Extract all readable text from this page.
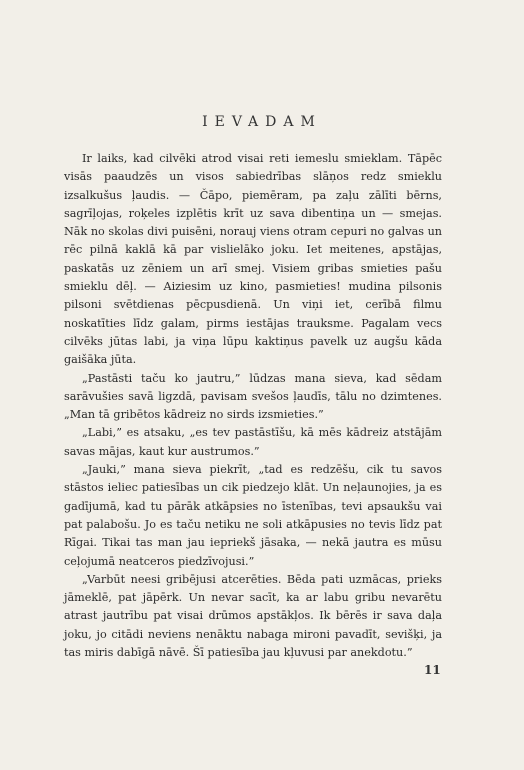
IEVADAM

Ir laiks, kad cilvēki atrod visai reti iemeslu smieklam. Tāpēc visās paaudzēs un visos sabiedrības slāņos redz smieklu izsalkušus ļaudis. — Čāpo, piemēram, pa zaļu zālīti bērns, sagrīļojas, roķeles izplētis krīt uz sava dibentiņa un — smejas. Nāk no skolas divi puisēni, norauj viens otram cepuri no galvas un rēc pilnā kaklā kā par vislielāko joku. Iet meitenes, apstājas, paskatās uz zēniem un arī smej. Visiem gribas smieties pašu smieklu dēļ. — Aiziesim uz kino, pasmieties! mudina pilsonis pilsoni svētdienas pēcpusdienā. Un viņi iet, cerībā filmu noskatīties līdz galam, pirms iestājas trauksme. Pagalam vecs cilvēks jūtas labi, ja viņa lūpu kaktiņus pavelk uz augšu kāda gaišāka jūta.

„Pastāsti taču ko jautru,” lūdzas mana sieva, kad sēdam sarāvušies savā ligzdā, pavisam svešos ļaudīs, tālu no dzimtenes. „Man tā gribētos kādreiz no sirds izsmieties.”

„Labi,” es atsaku, „es tev pastāstīšu, kā mēs kādreiz atstājām savas mājas, kaut kur austrumos.”

„Jauki,” mana sieva piekrīt, „tad es redzēšu, cik tu savos stāstos ieliec patiesības un cik piedzejo klāt. Un neļaunojies, ja es gadījumā, kad tu pārāk atkāpsies no īstenības, tevi apsaukšu vai pat palabošu. Jo es taču netiku ne soli atkāpusies no tevis līdz pat Rīgai. Tikai tas man jau iepriekš jāsaka, — nekā jautra es mūsu ceļojumā neatceros piedzīvojusi.”

„Varbūt neesi gribējusi atcerēties. Bēda pati uzmācas, prieks jāmeklē, pat jāpērk. Un nevar sacīt, ka ar labu gribu nevarētu atrast jautrību pat visai drūmos apstākļos. Ik bērēs ir sava daļa joku, jo citādi neviens nenāktu nabaga mironi pavadīt, sevišķi, ja tas miris dabīgā nāvē. Šī patiesība jau kļuvusi par anekdotu.”

11
